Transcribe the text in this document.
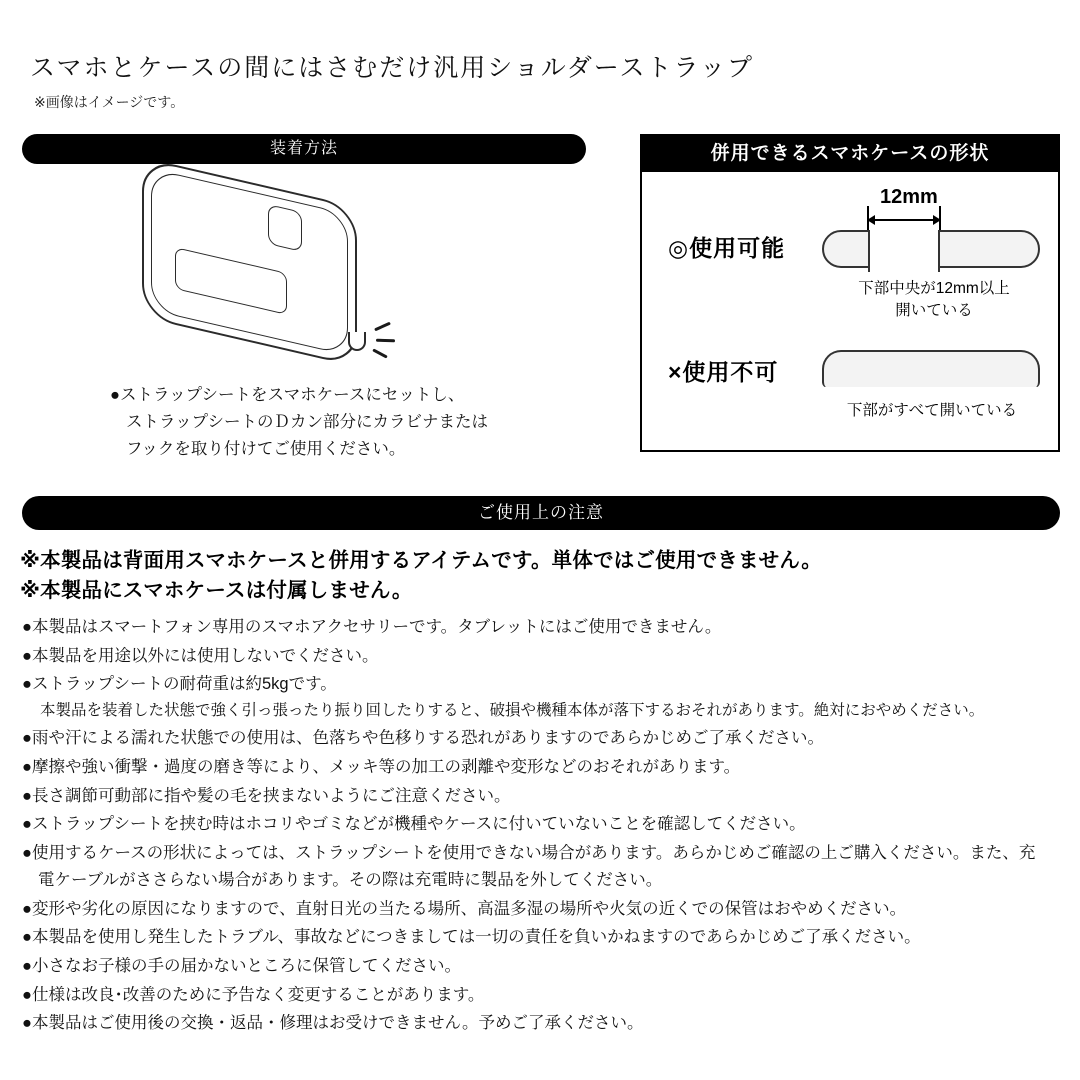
スマホとケースの間にはさむだけ汎用ショルダーストラップ
※画像はイメージです。
装着方法
●ストラップシートをスマホケースにセットし、
ストラップシートのＤカン部分にカラビナまたは
フックを取り付けてご使用ください。
併用できるスマホケースの形状
12mm
◎使用可能
下部中央が12mm以上
開いている
×使用不可
下部がすべて開いている
ご使用上の注意
※本製品は背面用スマホケースと併用するアイテムです。単体ではご使用できません。
※本製品にスマホケースは付属しません。
●本製品はスマートフォン専用のスマホアクセサリーです。タブレットにはご使用できません。
●本製品を用途以外には使用しないでください。
●ストラップシートの耐荷重は約5kgです。
本製品を装着した状態で強く引っ張ったり振り回したりすると、破損や機種本体が落下するおそれがあります。絶対におやめください。
●雨や汗による濡れた状態での使用は、色落ちや色移りする恐れがありますのであらかじめご了承ください。
●摩擦や強い衝撃・過度の磨き等により、メッキ等の加工の剥離や変形などのおそれがあります。
●長さ調節可動部に指や髪の毛を挟まないようにご注意ください。
●ストラップシートを挟む時はホコリやゴミなどが機種やケースに付いていないことを確認してください。
●使用するケースの形状によっては、ストラップシートを使用できない場合があります。あらかじめご確認の上ご購入ください。また、充
電ケーブルがささらない場合があります。その際は充電時に製品を外してください。
●変形や劣化の原因になりますので、直射日光の当たる場所、高温多湿の場所や火気の近くでの保管はおやめください。
●本製品を使用し発生したトラブル、事故などにつきましては一切の責任を負いかねますのであらかじめご了承ください。
●小さなお子様の手の届かないところに保管してください。
●仕様は改良･改善のために予告なく変更することがあります。
●本製品はご使用後の交換・返品・修理はお受けできません。予めご了承ください。
